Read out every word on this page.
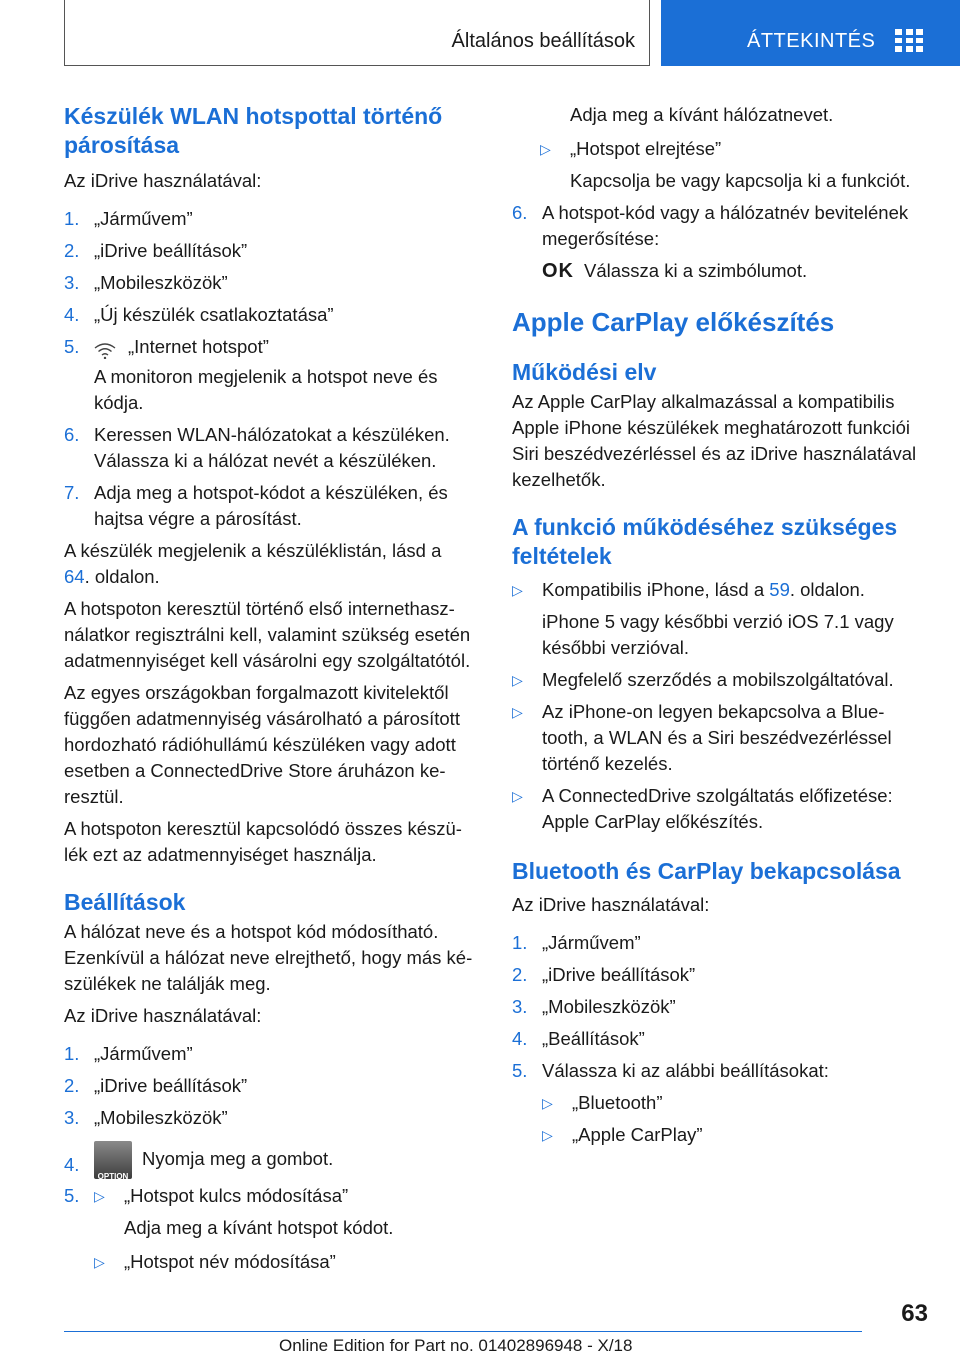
Általános beállítások	ÁTTEKINTÉS
Készülék WLAN hotspottal történő párosítása

Az iDrive használatával:

1. „Járművem”
2. „iDrive beállítások”
3. „Mobileszközök”
4. „Új készülék csatlakoztatása”
5.	„Internet hotspot”

A monitoron megjelenik a hotspot neve és kódja.

6. Keressen WLAN-hálózatokat a készüléken. Válassza ki a hálózat nevét a készüléken.
7. Adja meg a hotspot-kódot a készüléken, és hajtsa végre a párosítást.

A készülék megjelenik a készüléklistán, lásd a 64. oldalon.

A hotspoton keresztül történő első internethasz-nálatkor regisztrálni kell, valamint szükség esetén adatmennyiséget kell vásárolni egy szolgáltatótól.

Az egyes országokban forgalmazott kivitelektől függően adatmennyiség vásárolható a párosított hordozható rádióhullámú készüléken vagy adott esetben a ConnectedDrive Store áruházon ke-resztül.

A hotspoton keresztül kapcsolódó összes készü-lék ezt az adatmennyiséget használja.

Beállítások

A hálózat neve és a hotspot kód módosítható. Ezenkívül a hálózat neve elrejthető, hogy más ké-szülékek ne találják meg.

Az iDrive használatával:

1. „Járművem”
2. „iDrive beállítások”
3. „Mobileszközök”
4.
OPTION
Nyomja meg a gombot.
5. ▷ „Hotspot kulcs módosítása”

Adja meg a kívánt hotspot kódot.

▷ „Hotspot név módosítása”

Adja meg a kívánt hálózatnevet.

▷ „Hotspot elrejtése”

Kapcsolja be vagy kapcsolja ki a funkciót.

6. A hotspot-kód vagy a hálózatnév bevitelének megerősítése:

OK Válassza ki a szimbólumot.

Apple CarPlay előkészítés
Működési elv

Az Apple CarPlay alkalmazással a kompatibilis Apple iPhone készülékek meghatározott funkciói Siri beszédvezérléssel és az iDrive használatával kezelhetők.

A funkció működéséhez szükséges feltételek
▷ Kompatibilis iPhone, lásd a 59. oldalon.

iPhone 5 vagy későbbi verzió iOS 7.1 vagy későbbi verzióval.

▷ Megfelelő szerződés a mobilszolgáltatóval.
▷ Az iPhone-on legyen bekapcsolva a Blue-tooth, a WLAN és a Siri beszédvezérléssel történő kezelés.
▷ A ConnectedDrive szolgáltatás előfizetése: Apple CarPlay előkészítés.
Bluetooth és CarPlay bekapcsolása

Az iDrive használatával:

1. „Járművem”
2. „iDrive beállítások”
3. „Mobileszközök”
4. „Beállítások”
5. Válassza ki az alábbi beállításokat:
▷ „Bluetooth”
▷ „Apple CarPlay”
63
Online Edition for Part no. 01402896948 - X/18
